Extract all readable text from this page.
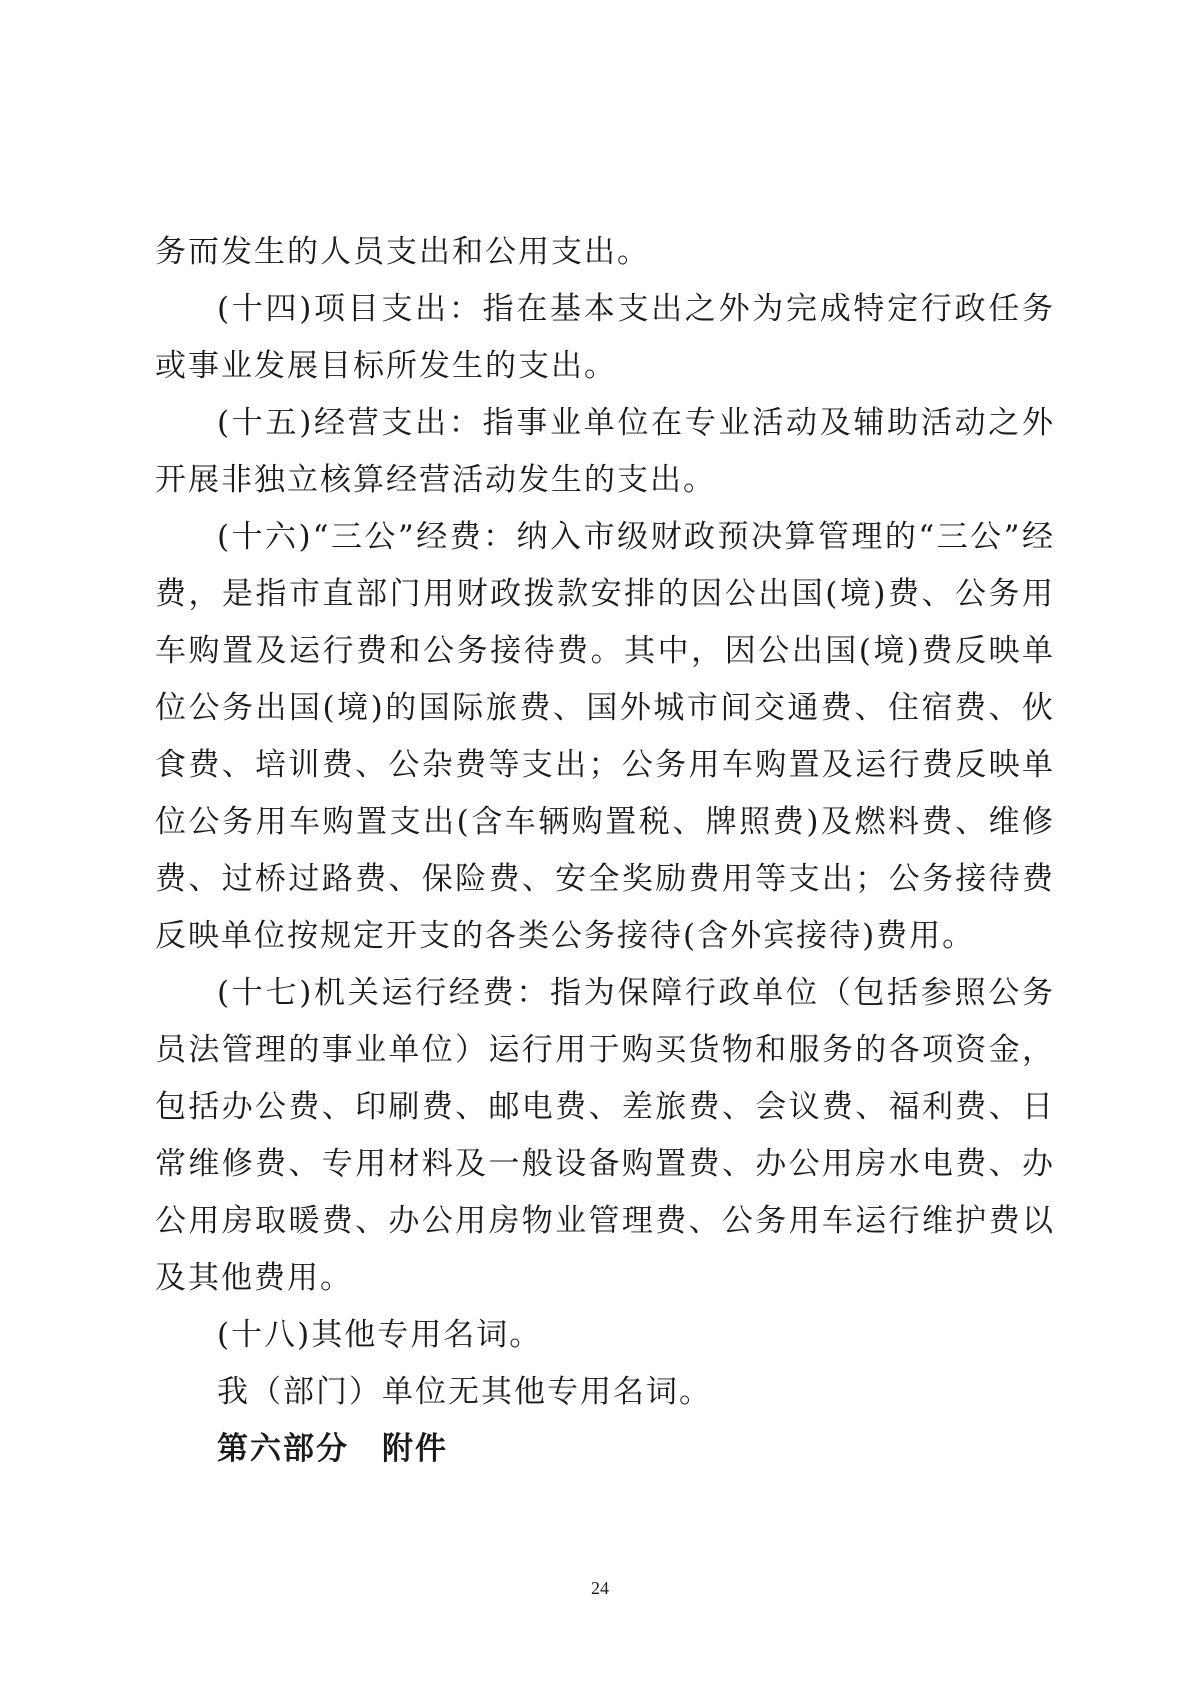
务而发生的人员支出和公用支出。

(十四)项目支出：指在基本支出之外为完成特定行政任务或事业发展目标所发生的支出。

(十五)经营支出：指事业单位在专业活动及辅助活动之外开展非独立核算经营活动发生的支出。

(十六)“三公”经费：纳入市级财政预决算管理的“三公”经费，是指市直部门用财政拨款安排的因公出国(境)费、公务用车购置及运行费和公务接待费。其中，因公出国(境)费反映单位公务出国(境)的国际旅费、国外城市间交通费、住宿费、伙食费、培训费、公杂费等支出；公务用车购置及运行费反映单位公务用车购置支出(含车辆购置税、牌照费)及燃料费、维修费、过桥过路费、保险费、安全奖励费用等支出；公务接待费反映单位按规定开支的各类公务接待(含外宾接待)费用。

(十七)机关运行经费：指为保障行政单位（包括参照公务员法管理的事业单位）运行用于购买货物和服务的各项资金，包括办公费、印刷费、邮电费、差旅费、会议费、福利费、日常维修费、专用材料及一般设备购置费、办公用房水电费、办公用房取暖费、办公用房物业管理费、公务用车运行维护费以及其他费用。

(十八)其他专用名词。

我（部门）单位无其他专用名词。

第六部分　附件

24
